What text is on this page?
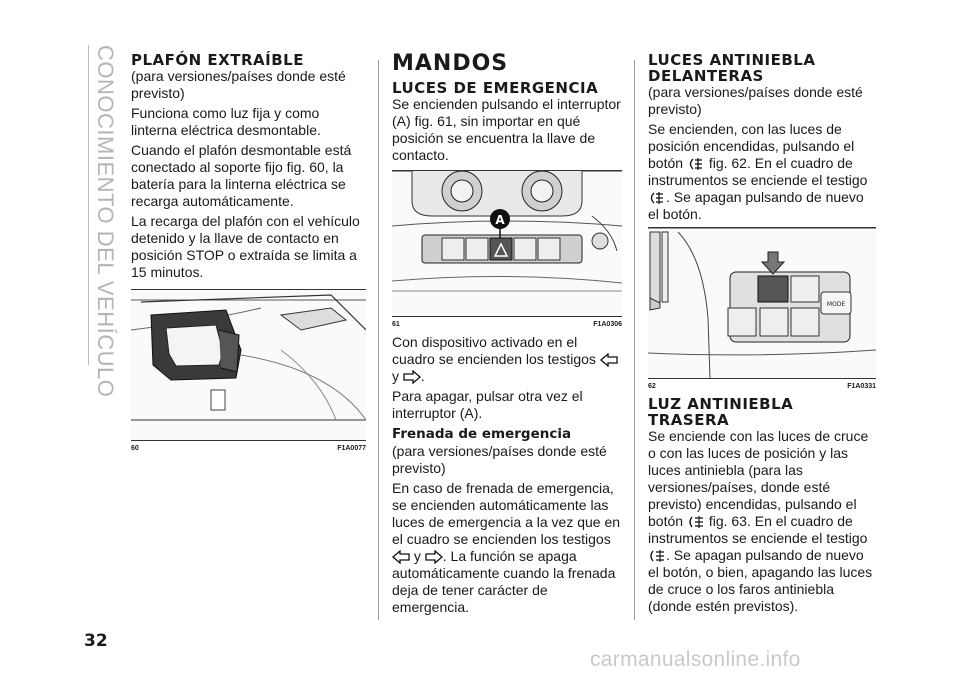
CONOCIMIENTO DEL VEHÍCULO PLAFÓN EXTRAÍBLE

(para versiones/países donde esté previsto)

Funciona como luz fija y como linterna eléctrica desmontable.

Cuando el plafón desmontable está conectado al soporte fijo fig. 60, la batería para la linterna eléctrica se recarga automáticamente.

La recarga del plafón con el vehículo detenido y la llave de contacto en posición STOP o extraída se limita a 15 minutos.

60	F1A0077
MANDOS
LUCES DE EMERGENCIA

Se encienden pulsando el interruptor (A) fig. 61, sin importar en qué posición se encuentra la llave de contacto.

A
61	F1A0306

Con dispositivo activado en el cuadro se encienden los testigos  y .

Para apagar, pulsar otra vez el interruptor (A).

Frenada de emergencia

(para versiones/países donde esté previsto)

En caso de frenada de emergencia, se encienden automáticamente las luces de emergencia a la vez que en el cuadro se encienden los testigos  y . La función se apaga automáticamente cuando la frenada deja de tener carácter de emergencia.

LUCES ANTINIEBLA DELANTERAS

(para versiones/países donde esté previsto)

Se encienden, con las luces de posición encendidas, pulsando el botón fig. 62. En el cuadro de instrumentos se enciende el testigo . Se apagan pulsando de nuevo el botón.

MODE
62	F1A0331
LUZ ANTINIEBLA TRASERA

Se enciende con las luces de cruce o con las luces de posición y las luces antiniebla (para las versiones/países, donde esté previsto) encendidas, pulsando el botón fig. 63. En el cuadro de instrumentos se enciende el testigo . Se apagan pulsando de nuevo el botón, o bien, apagando las luces de cruce o los faros antiniebla (donde estén previstos).

32
carmanualsonline.info
